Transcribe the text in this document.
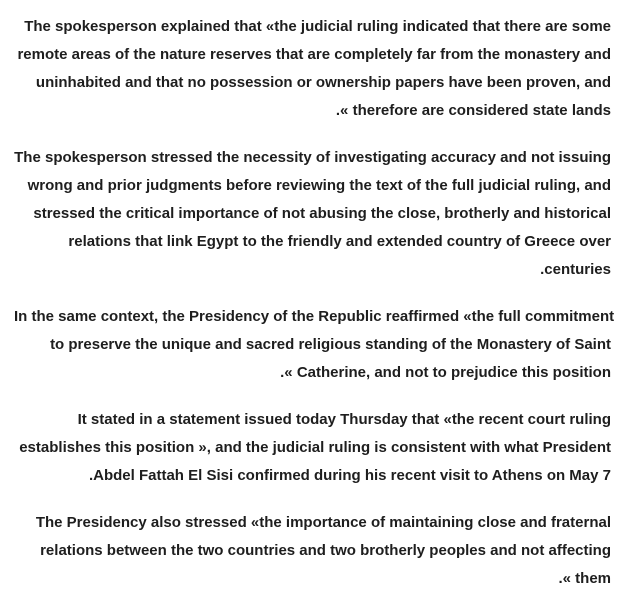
The spokesperson explained that «the judicial ruling indicated that there are some
remote areas of the nature reserves that are completely far from the monastery and
uninhabited and that no possession or ownership papers have been proven, and
.« therefore are considered state lands

The spokesperson stressed the necessity of investigating accuracy and not issuing
wrong and prior judgments before reviewing the text of the full judicial ruling, and
stressed the critical importance of not abusing the close, brotherly and historical
relations that link Egypt to the friendly and extended country of Greece over
.centuries

In the same context, the Presidency of the Republic reaffirmed «the full commitment
to preserve the unique and sacred religious standing of the Monastery of Saint
.« Catherine, and not to prejudice this position

It stated in a statement issued today Thursday that «the recent court ruling
establishes this position », and the judicial ruling is consistent with what President
.Abdel Fattah El Sisi confirmed during his recent visit to Athens on May 7

The Presidency also stressed «the importance of maintaining close and fraternal
relations between the two countries and two brotherly peoples and not affecting
.« them
